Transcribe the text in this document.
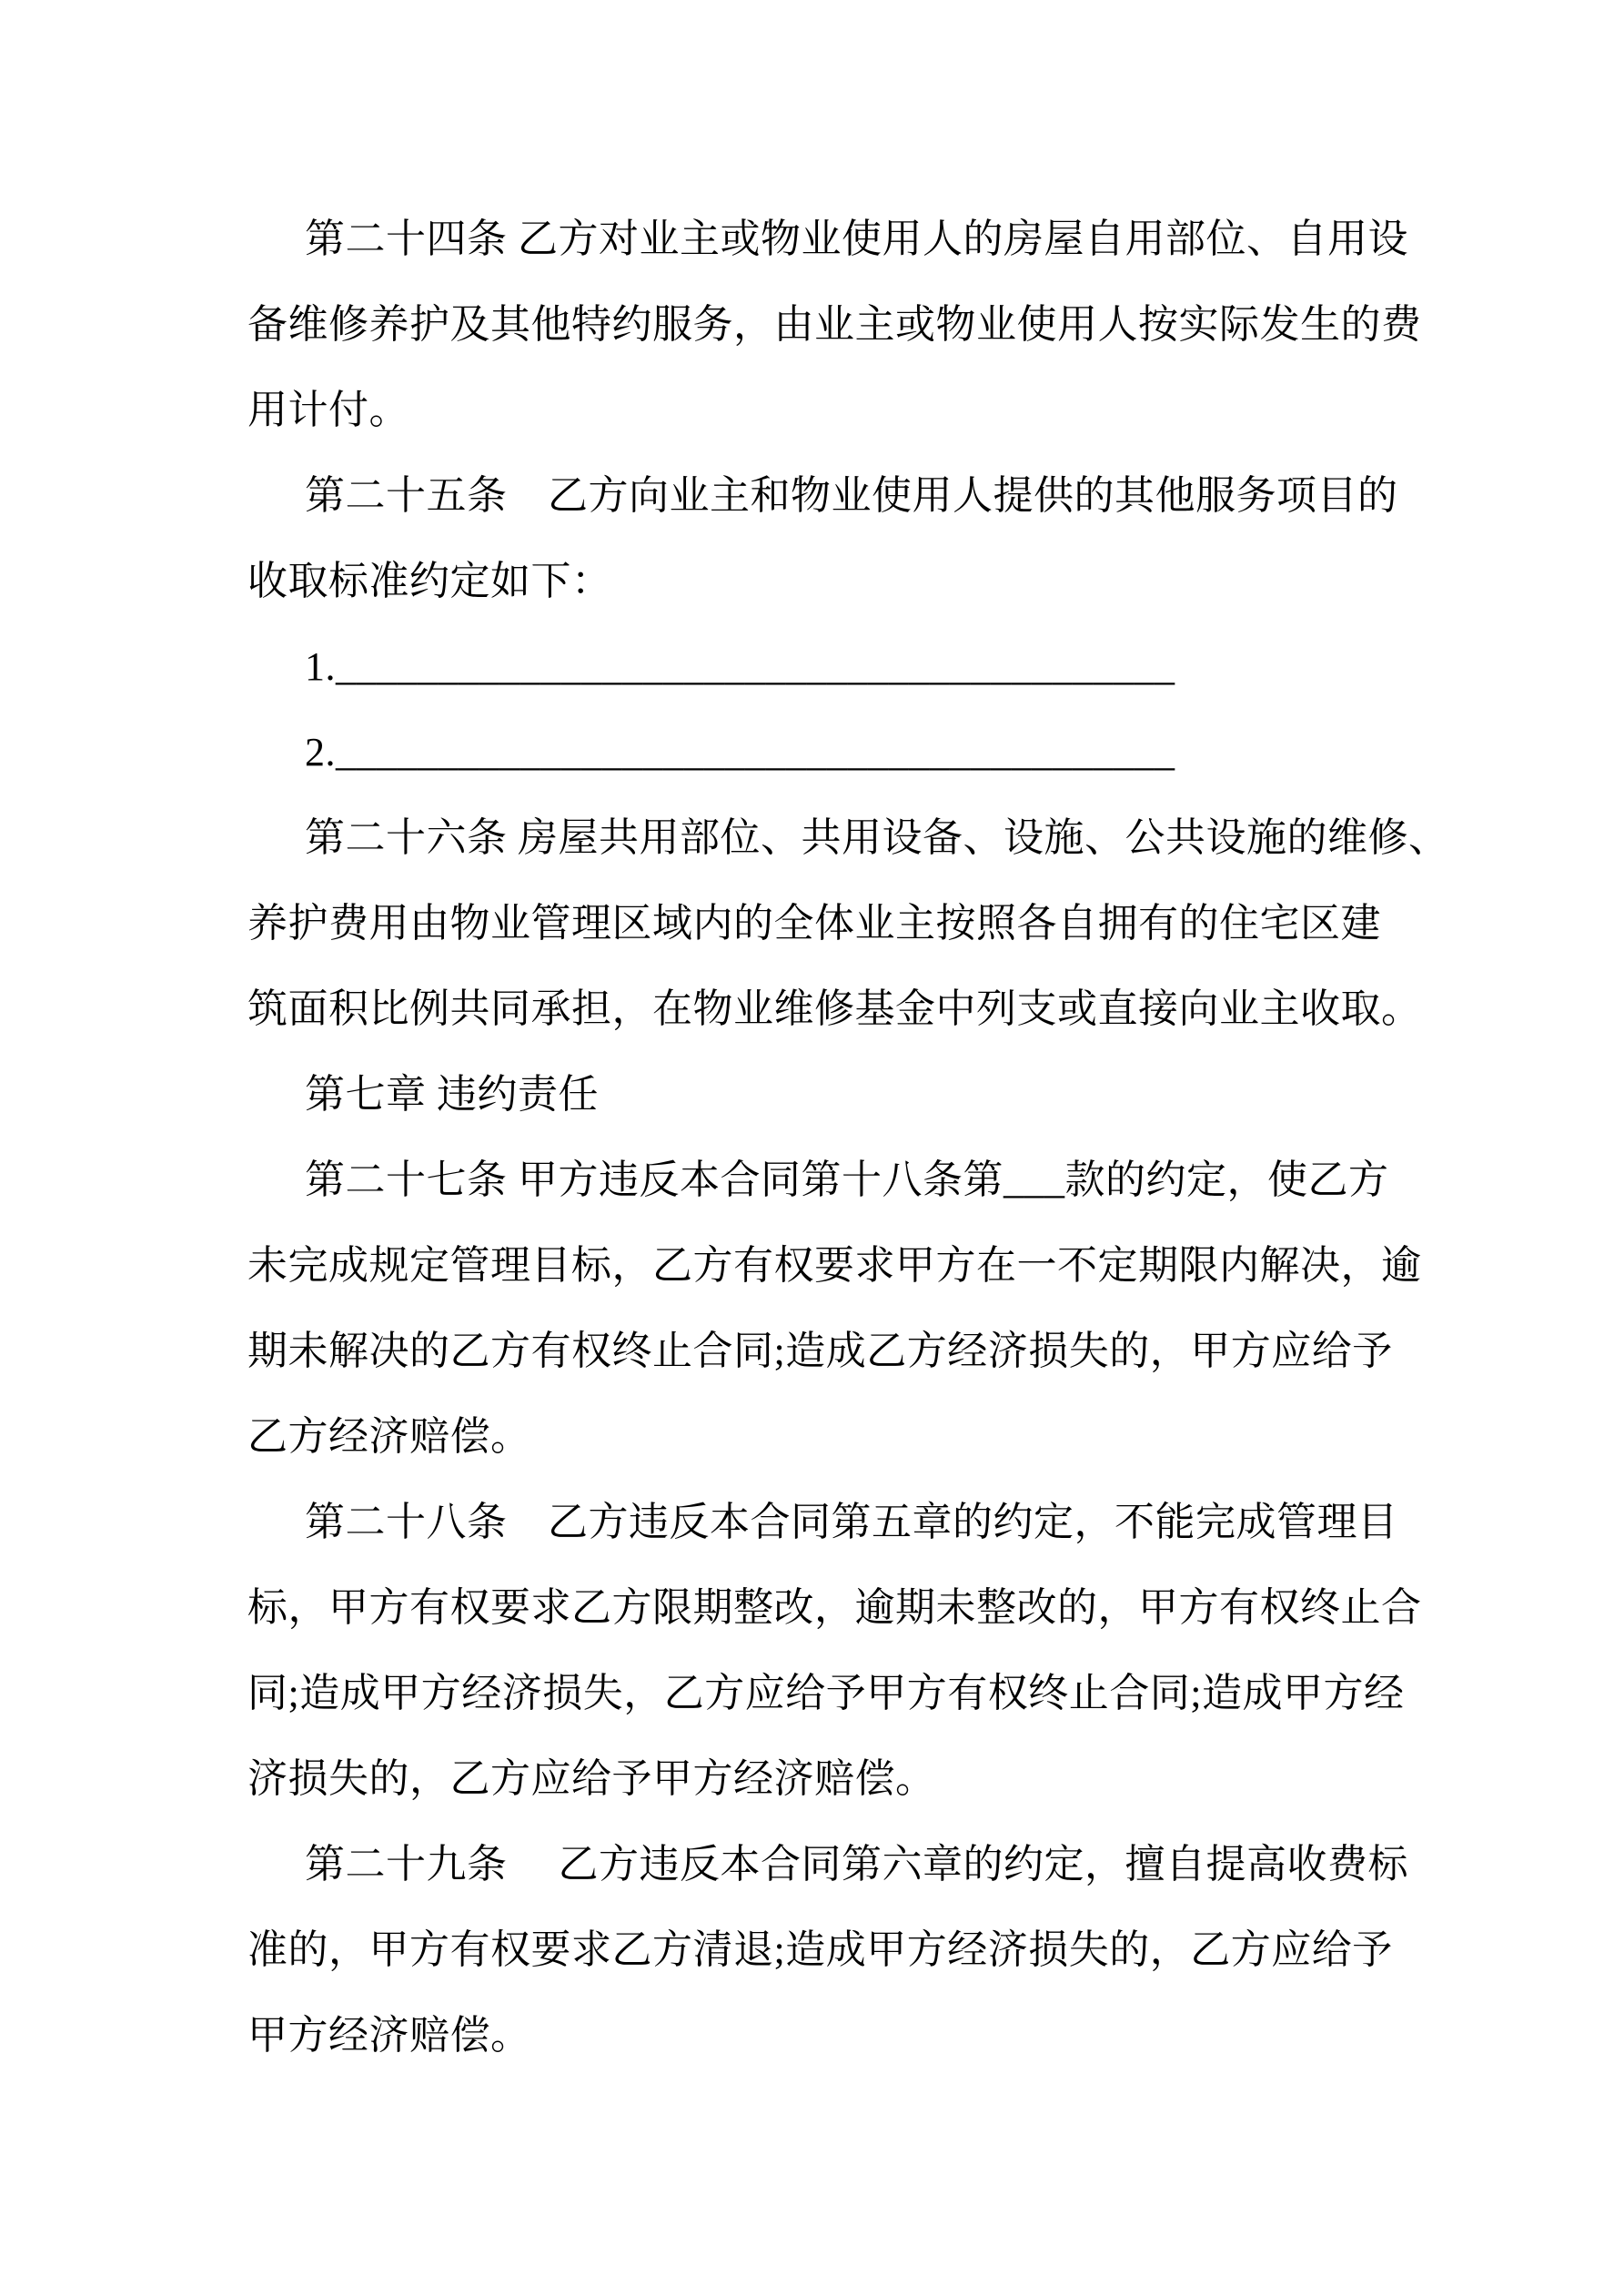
第二十四条 乙方对业主或物业使用人的房屋自用部位、自用设
备维修养护及其他特约服务，由业主或物业使用人按实际发生的费
用计付。
第二十五条　乙方向业主和物业使用人提供的其他服务项目的
收取标准约定如下：
1._________________________________________
2._________________________________________
第二十六条 房屋共用部位、共用设备、设施、公共设施的维修、
养护费用由物业管理区域内的全体业主按照各自拥有的住宅区建
筑面积比例共同承担，在物业维修基金中列支或直接向业主收取。
第七章 违约责任
第二十七条 甲方违反本合同第十八条第___款的约定，使乙方
未完成规定管理目标，乙方有权要求甲方在一不定期限内解决，逾
期未解决的乙方有权终止合同;造成乙方经济损失的，甲方应给予
乙方经济赔偿。
第二十八条　乙方违反本合同第五章的约定，不能完成管理目
标，甲方有权要求乙方限期整改，逾期未整改的，甲方有权终止合
同;造成甲方经济损失，乙方应给予甲方有权终止合同;造成甲方经
济损失的，乙方应给予甲方经济赔偿。
第二十九条　 乙方违反本合同第六章的约定，擅自提高收费标
准的，甲方有权要求乙方清退;造成甲方经济损失的，乙方应给予
甲方经济赔偿。
